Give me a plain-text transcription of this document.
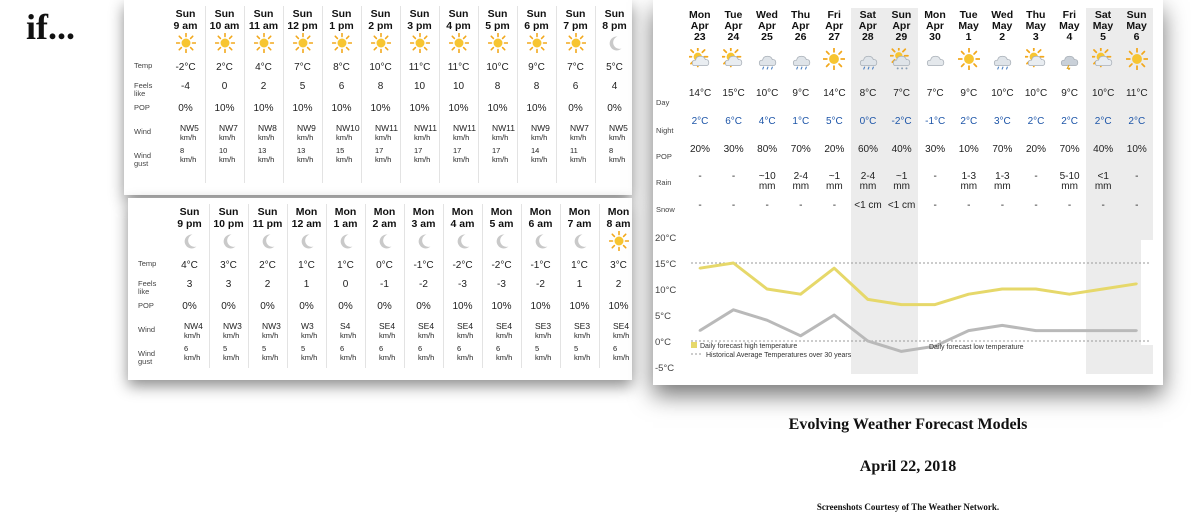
if...
Temp
Feels like
POP
Wind
Wind gust
Sun
9 am
-2°C
-4
0%
NW5
km/h
8
km/h
Sun
10 am
2°C
0
10%
NW7
km/h
10
km/h
Sun
11 am
4°C
2
10%
NW8
km/h
13
km/h
Sun
12 pm
7°C
5
10%
NW9
km/h
13
km/h
Sun
1 pm
8°C
6
10%
NW10
km/h
15
km/h
Sun
2 pm
10°C
8
10%
NW11
km/h
17
km/h
Sun
3 pm
11°C
10
10%
NW11
km/h
17
km/h
Sun
4 pm
11°C
10
10%
NW11
km/h
17
km/h
Sun
5 pm
10°C
8
10%
NW11
km/h
17
km/h
Sun
6 pm
9°C
8
10%
NW9
km/h
14
km/h
Sun
7 pm
7°C
6
0%
NW7
km/h
11
km/h
Sun
8 pm
5°C
4
0%
NW5
km/h
8
km/h
Temp
Feels like
POP
Wind
Wind gust
Sun
9 pm
4°C
3
0%
NW4
km/h
6
km/h
Sun
10 pm
3°C
3
0%
NW3
km/h
5
km/h
Sun
11 pm
2°C
2
0%
NW3
km/h
5
km/h
Mon
12 am
1°C
1
0%
W3
km/h
5
km/h
Mon
1 am
1°C
0
0%
S4
km/h
6
km/h
Mon
2 am
0°C
-1
0%
SE4
km/h
6
km/h
Mon
3 am
-1°C
-2
0%
SE4
km/h
6
km/h
Mon
4 am
-2°C
-3
10%
SE4
km/h
6
km/h
Mon
5 am
-2°C
-3
10%
SE4
km/h
6
km/h
Mon
6 am
-1°C
-2
10%
SE3
km/h
5
km/h
Mon
7 am
1°C
1
10%
SE3
km/h
5
km/h
Mon
8 am
3°C
2
10%
SE4
km/h
6
km/h
20°C
15°C
10°C
5°C
0°C
-5°C
Daily forecast high temperature
Historical Average Temperatures over 30 years
Daily forecast low temperature
Day
Night
POP
Rain
Snow
Mon
Apr
23
14°C
2°C
20%
-
-
Tue
Apr
24
15°C
6°C
30%
-
-
Wed
Apr
25
10°C
4°C
80%
~10 mm
-
Thu
Apr
26
9°C
1°C
70%
2-4 mm
-
Fri
Apr
27
14°C
5°C
20%
~1 mm
-
Sat
Apr
28
8°C
0°C
60%
2-4 mm
<1 cm
Sun
Apr
29
7°C
-2°C
40%
~1 mm
<1 cm
Mon
Apr
30
7°C
-1°C
30%
-
-
Tue
May
1
9°C
2°C
10%
1-3 mm
-
Wed
May
2
10°C
3°C
70%
1-3 mm
-
Thu
May
3
10°C
2°C
20%
-
-
Fri
May
4
9°C
2°C
70%
5-10 mm
-
Sat
May
5
10°C
2°C
40%
<1 mm
-
Sun
May
6
11°C
2°C
10%
-
-
Evolving Weather Forecast Models
April 22, 2018
Screenshots Courtesy of The Weather Network.
